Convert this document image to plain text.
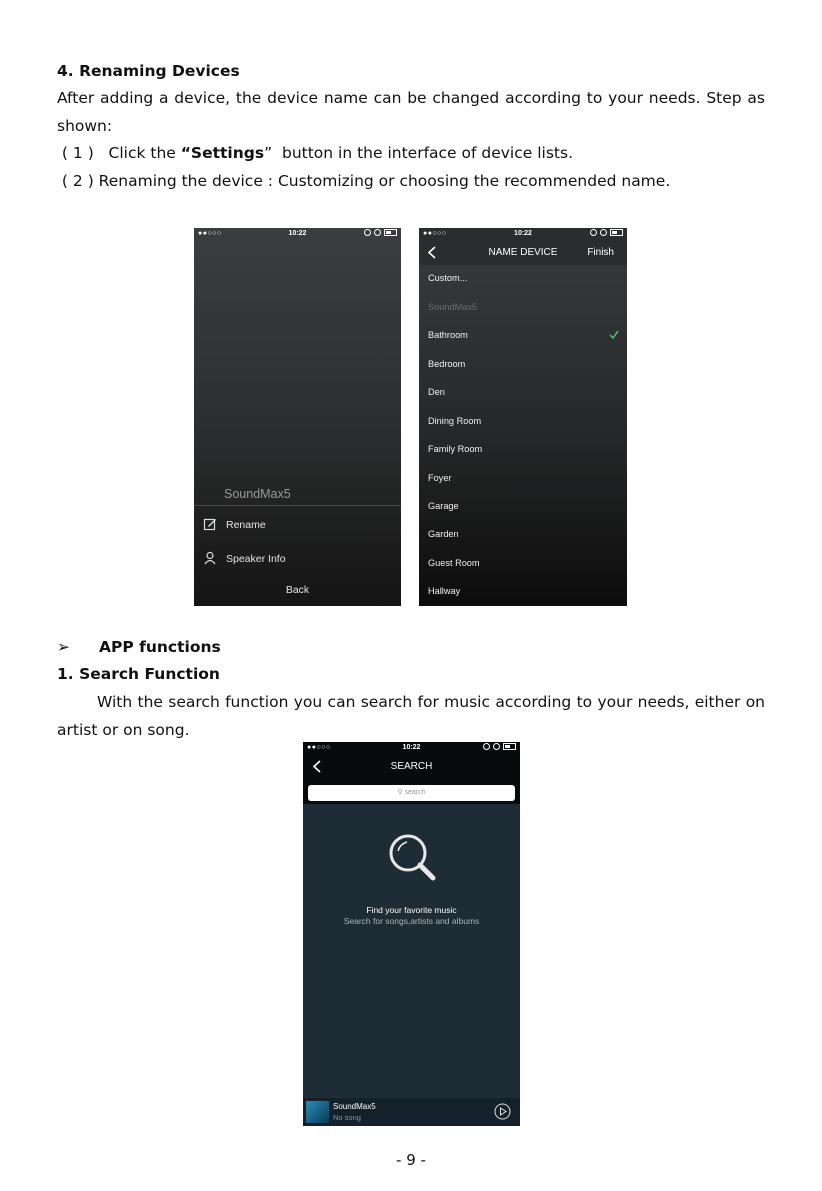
4. Renaming Devices
After adding a device, the device name can be changed according to your needs. Step as
shown:
( 1 )   Click the “Settings”  button in the interface of device lists.
( 2 ) Renaming the device : Customizing or choosing the recommended name.
●●○○○	10:22
SoundMax5
Rename
Speaker Info
Back
●●○○○	10:22
NAME DEVICE	Finish
Custom...
SoundMax5
Bathroom
Bedroom
Den
Dining Room
Family Room
Foyer
Garage
Garden
Guest Room
Hallway
➢ APP functions
1. Search Function
With the search function you can search for music according to your needs, either on
artist or on song.
●●○○○	10:22
SEARCH
⚲ search
Find your favorite music
Search for songs,artists and albums
SoundMax5
No song
- 9 -
